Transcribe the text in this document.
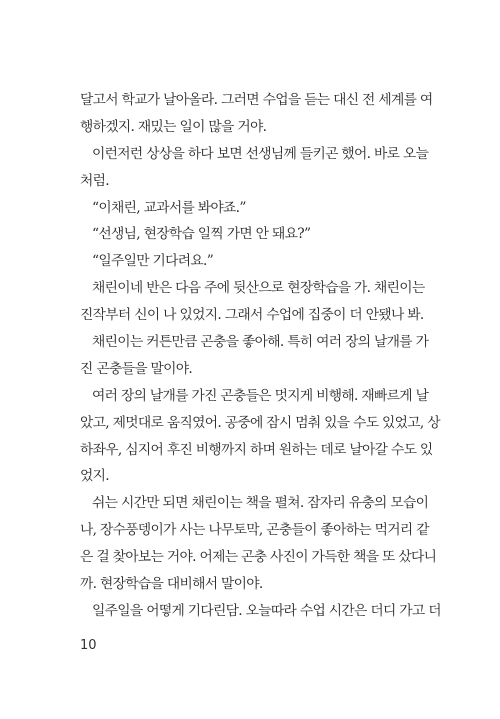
달고서 학교가 날아올라. 그러면 수업을 듣는 대신 전 세계를 여
행하겠지. 재밌는 일이 많을 거야.
이런저런 상상을 하다 보면 선생님께 들키곤 했어. 바로 오늘
처럼.
“이채린, 교과서를 봐야죠.”
“선생님, 현장학습 일찍 가면 안 돼요?”
“일주일만 기다려요.”
채린이네 반은 다음 주에 뒷산으로 현장학습을 가. 채린이는
진작부터 신이 나 있었지. 그래서 수업에 집중이 더 안됐나 봐.
채린이는 커튼만큼 곤충을 좋아해. 특히 여러 장의 날개를 가
진 곤충들을 말이야.
여러 장의 날개를 가진 곤충들은 멋지게 비행해. 재빠르게 날
았고, 제멋대로 움직였어. 공중에 잠시 멈춰 있을 수도 있었고, 상
하좌우, 심지어 후진 비행까지 하며 원하는 데로 날아갈 수도 있
었지.
쉬는 시간만 되면 채린이는 책을 펼쳐. 잠자리 유충의 모습이
나, 장수풍뎅이가 사는 나무토막, 곤충들이 좋아하는 먹거리 같
은 걸 찾아보는 거야. 어제는 곤충 사진이 가득한 책을 또 샀다니
까. 현장학습을 대비해서 말이야.
일주일을 어떻게 기다린담. 오늘따라 수업 시간은 더디 가고 더
10
